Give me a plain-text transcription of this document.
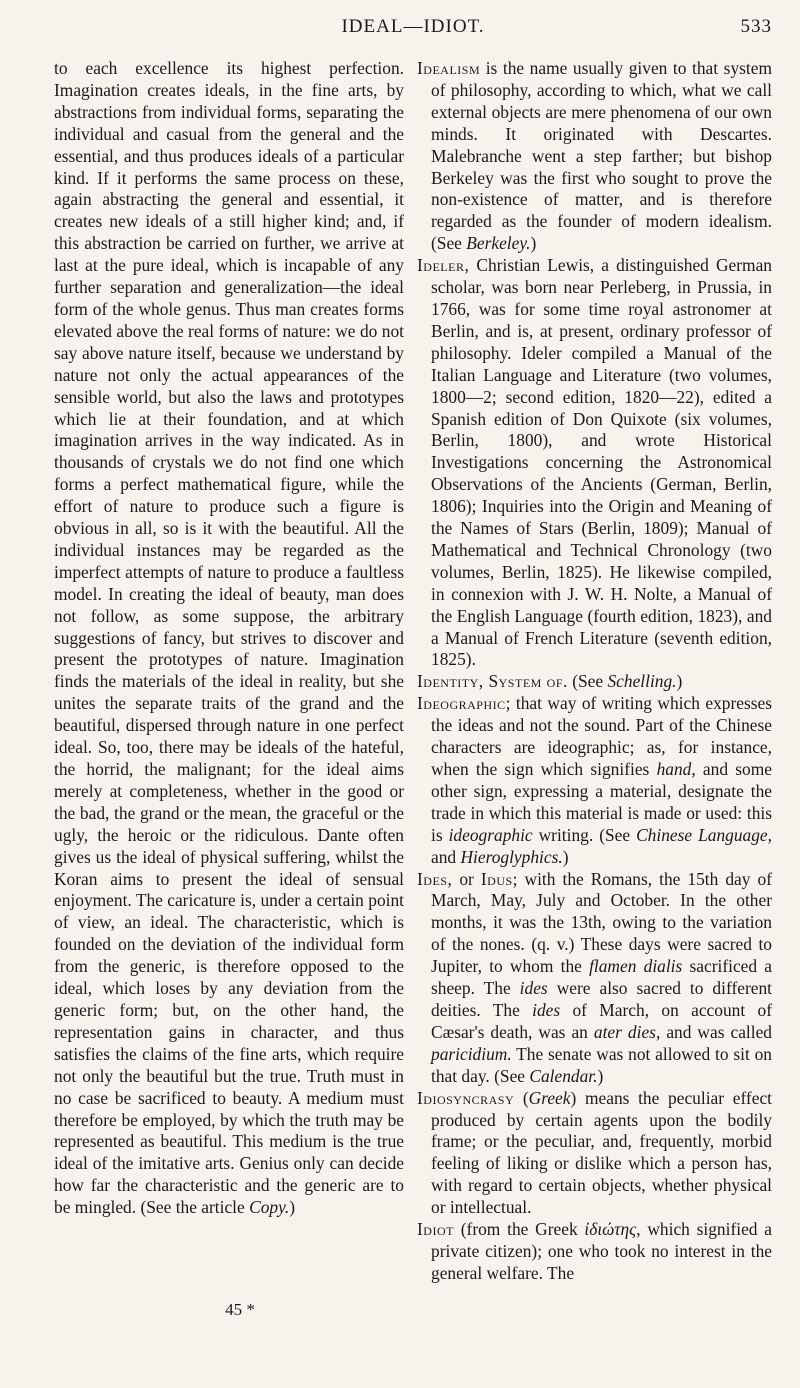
IDEAL—IDIOT.	533

to each excellence its highest perfection. Imagination creates ideals, in the fine arts, by abstractions from individual forms, separating the individual and casual from the general and the essential, and thus produces ideals of a particular kind. If it performs the same process on these, again abstracting the general and essential, it creates new ideals of a still higher kind; and, if this abstraction be carried on further, we arrive at last at the pure ideal, which is incapable of any further separation and generalization—the ideal form of the whole genus. Thus man creates forms elevated above the real forms of nature: we do not say above nature itself, because we understand by nature not only the actual appearances of the sensible world, but also the laws and prototypes which lie at their foundation, and at which imagination arrives in the way indicated. As in thousands of crystals we do not find one which forms a perfect mathematical figure, while the effort of nature to produce such a figure is obvious in all, so is it with the beautiful. All the individual instances may be regarded as the imperfect attempts of nature to produce a faultless model. In creating the ideal of beauty, man does not follow, as some suppose, the arbitrary suggestions of fancy, but strives to discover and present the prototypes of nature. Imagination finds the materials of the ideal in reality, but she unites the separate traits of the grand and the beautiful, dispersed through nature in one perfect ideal. So, too, there may be ideals of the hateful, the horrid, the malignant; for the ideal aims merely at completeness, whether in the good or the bad, the grand or the mean, the graceful or the ugly, the heroic or the ridiculous. Dante often gives us the ideal of physical suffering, whilst the Koran aims to present the ideal of sensual enjoyment. The caricature is, under a certain point of view, an ideal. The characteristic, which is founded on the deviation of the individual form from the generic, is therefore opposed to the ideal, which loses by any deviation from the generic form; but, on the other hand, the representation gains in character, and thus satisfies the claims of the fine arts, which require not only the beautiful but the true. Truth must in no case be sacrificed to beauty. A medium must therefore be employed, by which the truth may be represented as beautiful. This medium is the true ideal of the imitative arts. Genius only can decide how far the characteristic and the generic are to be mingled. (See the article Copy.)

45 *

Idealism is the name usually given to that system of philosophy, according to which, what we call external objects are mere phenomena of our own minds. It originated with Descartes. Malebranche went a step farther; but bishop Berkeley was the first who sought to prove the non-existence of matter, and is therefore regarded as the founder of modern idealism. (See Berkeley.)

Ideler, Christian Lewis, a distinguished German scholar, was born near Perleberg, in Prussia, in 1766, was for some time royal astronomer at Berlin, and is, at present, ordinary professor of philosophy. Ideler compiled a Manual of the Italian Language and Literature (two volumes, 1800—2; second edition, 1820—22), edited a Spanish edition of Don Quixote (six volumes, Berlin, 1800), and wrote Historical Investigations concerning the Astronomical Observations of the Ancients (German, Berlin, 1806); Inquiries into the Origin and Meaning of the Names of Stars (Berlin, 1809); Manual of Mathematical and Technical Chronology (two volumes, Berlin, 1825). He likewise compiled, in connexion with J. W. H. Nolte, a Manual of the English Language (fourth edition, 1823), and a Manual of French Literature (seventh edition, 1825).

Identity, System of. (See Schelling.)

Ideographic; that way of writing which expresses the ideas and not the sound. Part of the Chinese characters are ideographic; as, for instance, when the sign which signifies hand, and some other sign, expressing a material, designate the trade in which this material is made or used: this is ideographic writing. (See Chinese Language, and Hieroglyphics.)

Ides, or Idus; with the Romans, the 15th day of March, May, July and October. In the other months, it was the 13th, owing to the variation of the nones. (q. v.) These days were sacred to Jupiter, to whom the flamen dialis sacrificed a sheep. The ides were also sacred to different deities. The ides of March, on account of Cæsar's death, was an ater dies, and was called paricidium. The senate was not allowed to sit on that day. (See Calendar.)

Idiosyncrasy (Greek) means the peculiar effect produced by certain agents upon the bodily frame; or the peculiar, and, frequently, morbid feeling of liking or dislike which a person has, with regard to certain objects, whether physical or intellectual.

Idiot (from the Greek ἰδιώτης, which signified a private citizen); one who took no interest in the general welfare. The
